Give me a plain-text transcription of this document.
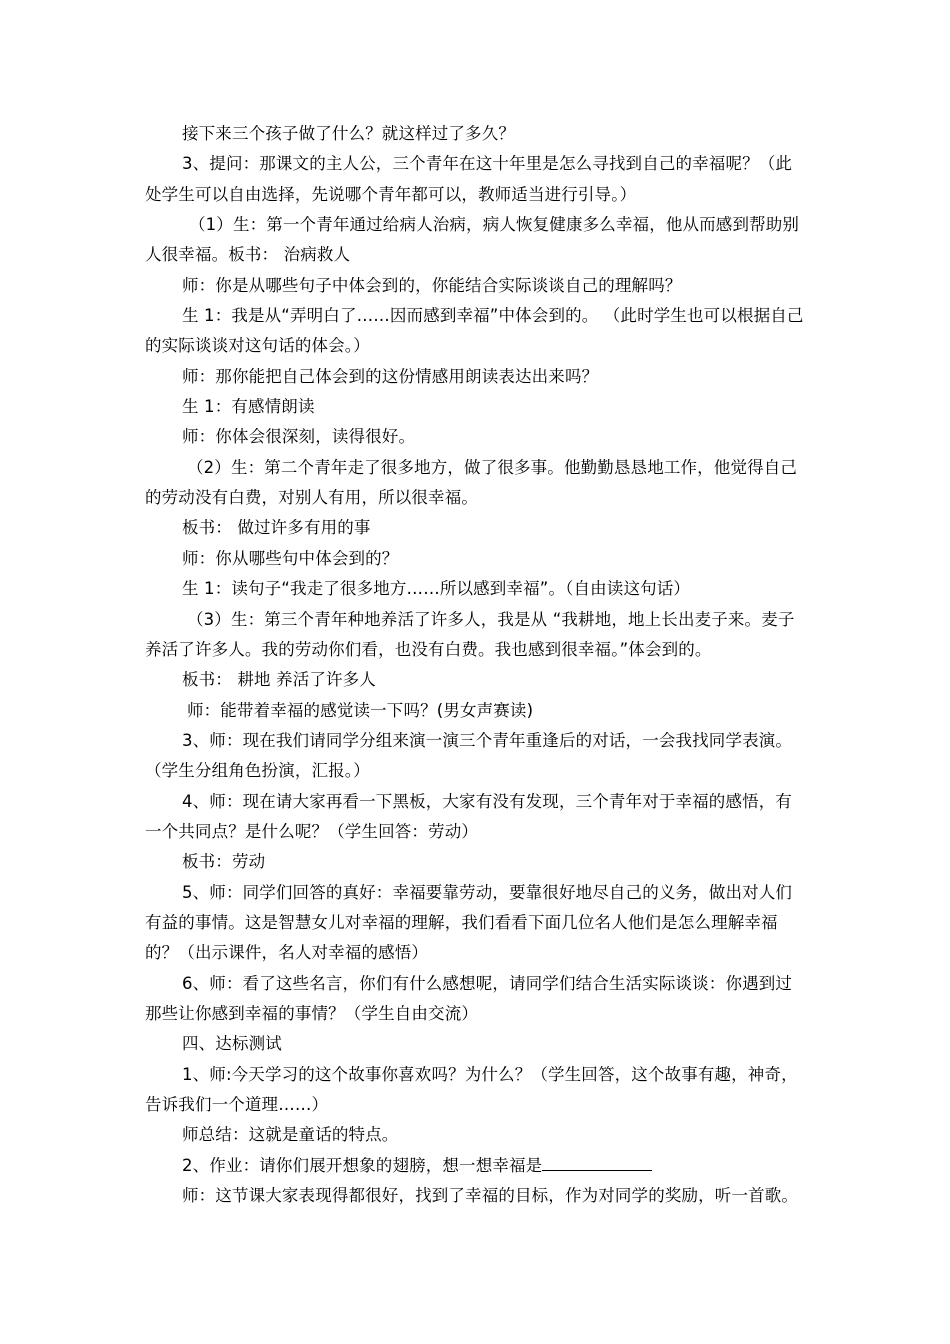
接下来三个孩子做了什么？就这样过了多久？

3、提问：那课文的主人公，三个青年在这十年里是怎么寻找到自己的幸福呢？（此处学生可以自由选择，先说哪个青年都可以，教师适当进行引导。）

（1）生：第一个青年通过给病人治病，病人恢复健康多么幸福，他从而感到帮助别人很幸福。板书： 治病救人

师：你是从哪些句子中体会到的，你能结合实际谈谈自己的理解吗？

生 1：我是从“弄明白了……因而感到幸福”中体会到的。 （此时学生也可以根据自己的实际谈谈对这句话的体会。）

师：那你能把自己体会到的这份情感用朗读表达出来吗？

生 1：有感情朗读

师：你体会很深刻，读得很好。

（2）生：第二个青年走了很多地方，做了很多事。他勤勤恳恳地工作，他觉得自己的劳动没有白费，对别人有用，所以很幸福。

板书： 做过许多有用的事

师：你从哪些句中体会到的？

生 1：读句子“我走了很多地方……所以感到幸福”。（自由读这句话）

（3）生：第三个青年种地养活了许多人，我是从 “我耕地，地上长出麦子来。麦子养活了许多人。我的劳动你们看，也没有白费。我也感到很幸福。”体会到的。

板书： 耕地 养活了许多人

师：能带着幸福的感觉读一下吗？(男女声赛读)

3、师：现在我们请同学分组来演一演三个青年重逢后的对话，一会我找同学表演。（学生分组角色扮演，汇报。）

4、师：现在请大家再看一下黑板，大家有没有发现，三个青年对于幸福的感悟，有一个共同点？是什么呢？（学生回答：劳动）

板书：劳动

5、师：同学们回答的真好：幸福要靠劳动，要靠很好地尽自己的义务，做出对人们有益的事情。这是智慧女儿对幸福的理解，我们看看下面几位名人他们是怎么理解幸福的？（出示课件，名人对幸福的感悟）

6、师：看了这些名言，你们有什么感想呢，请同学们结合生活实际谈谈：你遇到过那些让你感到幸福的事情？（学生自由交流）

四、达标测试

1、师:今天学习的这个故事你喜欢吗？为什么？（学生回答，这个故事有趣，神奇，告诉我们一个道理……）

师总结：这就是童话的特点。

2、作业：请你们展开想象的翅膀，想一想幸福是

师：这节课大家表现得都很好，找到了幸福的目标，作为对同学的奖励，听一首歌。
